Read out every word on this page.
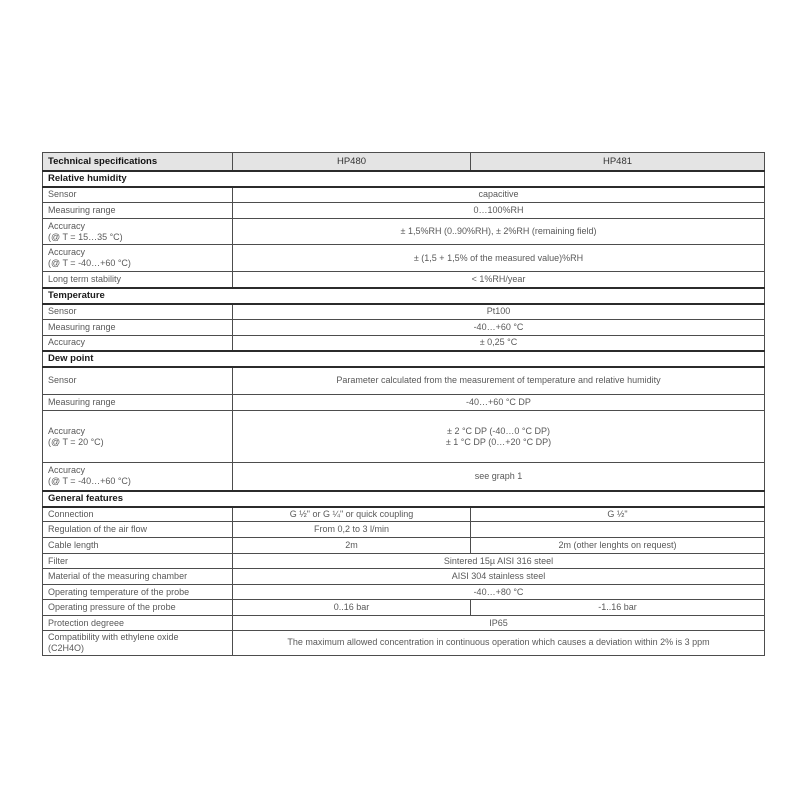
Technical specifications	HP480	HP481
Relative humidity		
Sensor	capacitive	
Measuring range	0…100%RH	

Accuracy
(@ T = 15…35 °C)	± 1,5%RH (0..90%RH), ± 2%RH (remaining field)	

Accuracy
(@ T = -40…+60 °C)	± (1,5 + 1,5% of the measured value)%RH	
Long term stability	< 1%RH/year	
Temperature		
Sensor	Pt100	
Measuring range	-40…+60 °C	
Accuracy	± 0,25 °C	
Dew point		
Sensor	Parameter calculated from the measurement of temperature and relative humidity	
Measuring range	-40…+60 °C DP	

Accuracy
(@ T = 20 °C)	± 2 °C DP (-40…0 °C DP)
± 1 °C DP (0…+20 °C DP)	

Accuracy
(@ T = -40…+60 °C)	see graph 1	
General features		
Connection	G ½" or G ¼" or quick coupling	G ½"
Regulation of the air flow	From 0,2 to 3 l/min	
Cable length	2m	2m (other lenghts on request)
Filter	Sintered 15µ AISI 316 steel	
Material of the measuring chamber	AISI 304 stainless steel	
Operating temperature of the probe	-40…+80 °C	
Operating pressure of the probe	0..16 bar	-1..16 bar
Protection degreee	IP65	

Compatibility with ethylene oxide
(C2H4O)	The maximum allowed concentration in continuous operation which causes a deviation within 2% is 3 ppm	
